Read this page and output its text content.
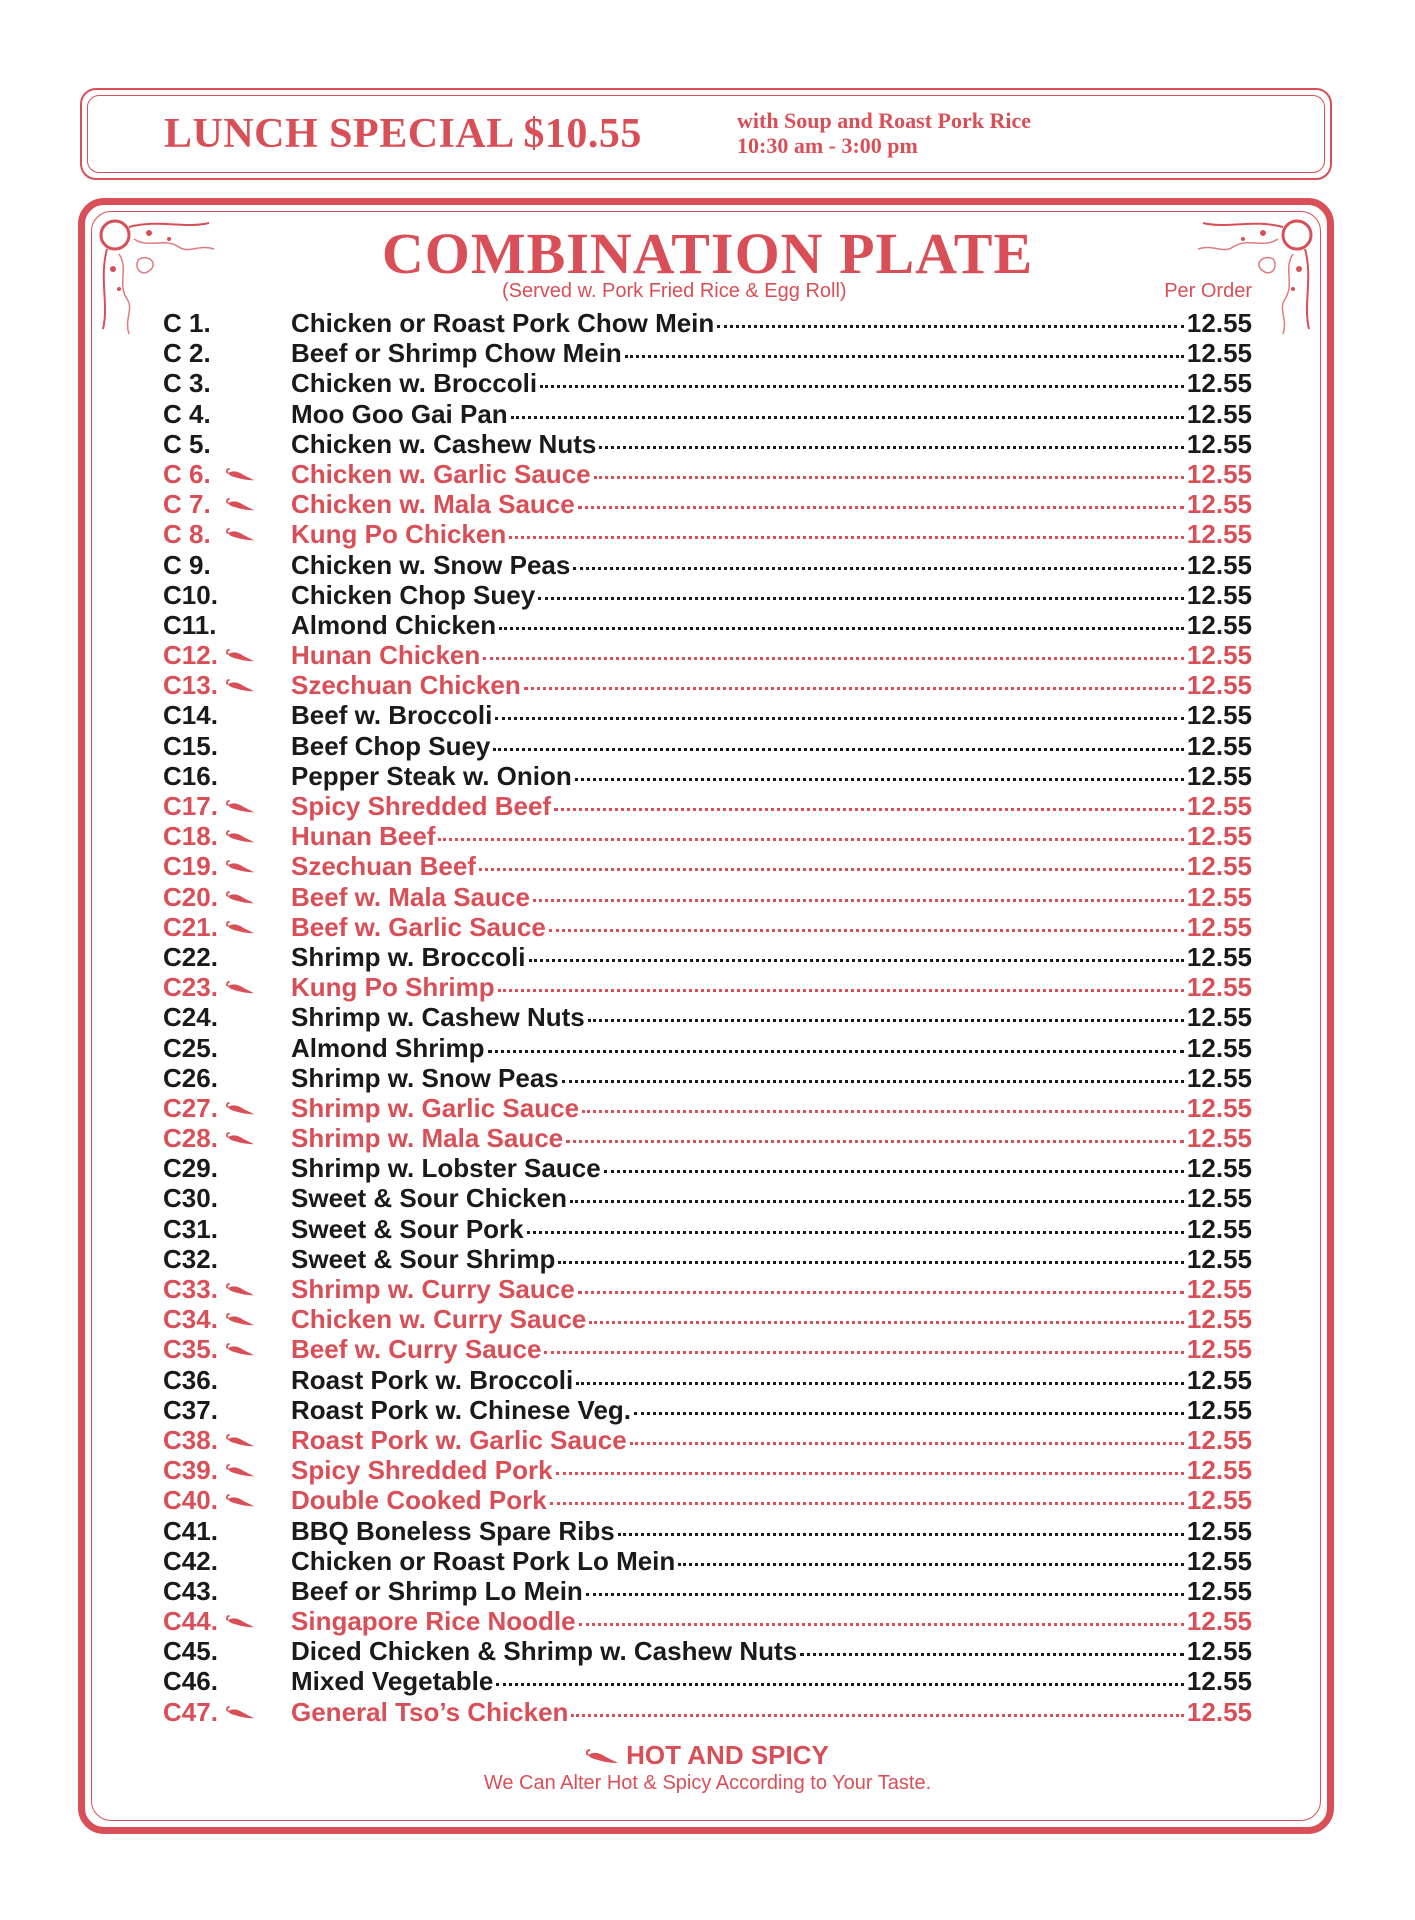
LUNCH SPECIAL $10.55	with Soup and Roast Pork Rice
10:30 am - 3:00 pm
COMBINATION PLATE
(Served w. Pork Fried Rice & Egg Roll)	Per Order
C 1.	Chicken or Roast Pork Chow Mein	12.55
C 2.	Beef or Shrimp Chow Mein	12.55
C 3.	Chicken w. Broccoli	12.55
C 4.	Moo Goo Gai Pan	12.55
C 5.	Chicken w. Cashew Nuts	12.55
C 6.	Chicken w. Garlic Sauce	12.55
C 7.	Chicken w. Mala Sauce	12.55
C 8.	Kung Po Chicken	12.55
C 9.	Chicken w. Snow Peas	12.55
C10.	Chicken Chop Suey	12.55
C11.	Almond Chicken	12.55
C12.	Hunan Chicken	12.55
C13.	Szechuan Chicken	12.55
C14.	Beef w. Broccoli	12.55
C15.	Beef Chop Suey	12.55
C16.	Pepper Steak w. Onion	12.55
C17.	Spicy Shredded Beef	12.55
C18.	Hunan Beef	12.55
C19.	Szechuan Beef	12.55
C20.	Beef w. Mala Sauce	12.55
C21.	Beef w. Garlic Sauce	12.55
C22.	Shrimp w. Broccoli	12.55
C23.	Kung Po Shrimp	12.55
C24.	Shrimp w. Cashew Nuts	12.55
C25.	Almond Shrimp	12.55
C26.	Shrimp w. Snow Peas	12.55
C27.	Shrimp w. Garlic Sauce	12.55
C28.	Shrimp w. Mala Sauce	12.55
C29.	Shrimp w. Lobster Sauce	12.55
C30.	Sweet & Sour Chicken	12.55
C31.	Sweet & Sour Pork	12.55
C32.	Sweet & Sour Shrimp	12.55
C33.	Shrimp w. Curry Sauce	12.55
C34.	Chicken w. Curry Sauce	12.55
C35.	Beef w. Curry Sauce	12.55
C36.	Roast Pork w. Broccoli	12.55
C37.	Roast Pork w. Chinese Veg.	12.55
C38.	Roast Pork w. Garlic Sauce	12.55
C39.	Spicy Shredded Pork	12.55
C40.	Double Cooked Pork	12.55
C41.	BBQ Boneless Spare Ribs	12.55
C42.	Chicken or Roast Pork Lo Mein	12.55
C43.	Beef or Shrimp Lo Mein	12.55
C44.	Singapore Rice Noodle	12.55
C45.	Diced Chicken & Shrimp w. Cashew Nuts	12.55
C46.	Mixed Vegetable	12.55
C47.	General Tso’s Chicken	12.55
HOT AND SPICY
We Can Alter Hot & Spicy According to Your Taste.
